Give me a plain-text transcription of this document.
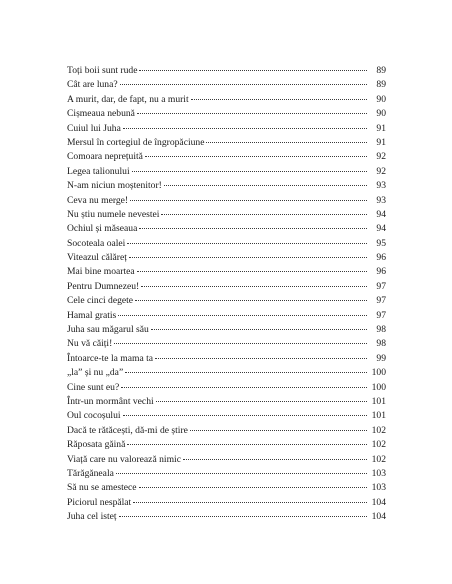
Toți boii sunt rude	89
Cât are luna?	89
A murit, dar, de fapt, nu a murit	90
Cișmeaua nebună	90
Cuiul lui Juha	91
Mersul în cortegiul de îngropăciune	91
Comoara neprețuită	92
Legea talionului	92
N-am niciun moștenitor!	93
Ceva nu merge!	93
Nu știu numele nevestei	94
Ochiul și măseaua	94
Socoteala oalei	95
Viteazul călăreț	96
Mai bine moartea	96
Pentru Dumnezeu!	97
Cele cinci degete	97
Hamal gratis	97
Juha sau măgarul său	98
Nu vă căiți!	98
Întoarce-te la mama ta	99
„la” și nu „da”	100
Cine sunt eu?	100
Într-un mormânt vechi	101
Oul cocoșului	101
Dacă te rătăcești, dă-mi de știre	102
Răposata găină	102
Viață care nu valorează nimic	102
Tărăgăneala	103
Să nu se amestece	103
Piciorul nespălat	104
Juha cel isteț	104
